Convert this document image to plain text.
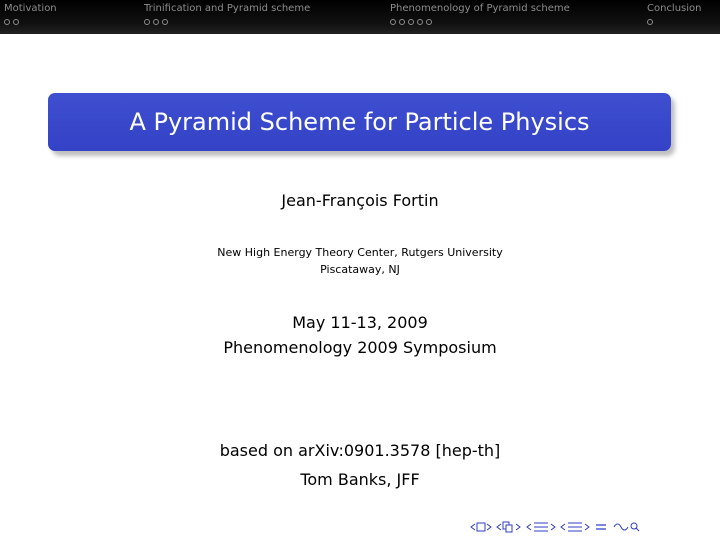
Motivation	Trinification and Pyramid scheme	Phenomenology of Pyramid scheme	Conclusion
A Pyramid Scheme for Particle Physics
Jean-François Fortin
New High Energy Theory Center, Rutgers University
Piscataway, NJ
May 11-13, 2009
Phenomenology 2009 Symposium
based on arXiv:0901.3578 [hep-th]
Tom Banks, JFF
